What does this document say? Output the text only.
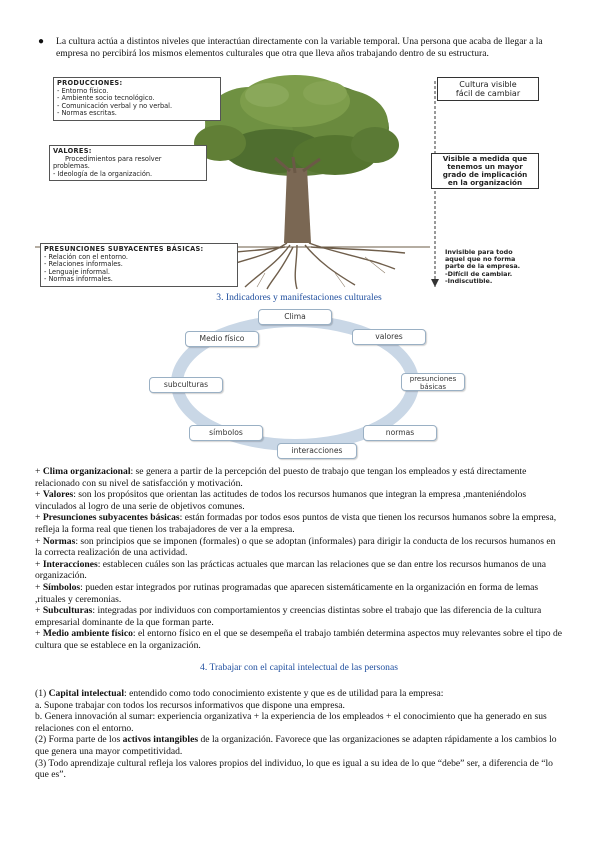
● La cultura actúa a distintos niveles que interactúan directamente con la variable temporal. Una persona que acaba de llegar a la empresa no percibirá los mismos elementos culturales que otra que lleva años trabajando dentro de su estructura.
PRODUCCIONES:
- Entorno físico.
- Ambiente socio tecnológico.
- Comunicación verbal y no verbal.
- Normas escritas.
VALORES:
Procedimientos para resolver
problemas.
- Ideología de la organización.
PRESUNCIONES SUBYACENTES BÁSICAS:
- Relación con el entorno.
- Relaciones informales.
- Lenguaje informal.
- Normas informales.
Cultura visible
fácil de cambiar
Visible a medida que
tenemos un mayor
grado de implicación
en la organización
Invisible para todo
aquel que no forma
parte de la empresa.
-Difícil de cambiar.
-Indiscutible.
3. Indicadores y manifestaciones culturales
Clima
valores
presunciones básicas
normas
interacciones
símbolos
subculturas
Medio físico

+ Clima organizacional: se genera a partir de la percepción del puesto de trabajo que tengan los empleados y está directamente relacionado con su nivel de satisfacción y motivación.

+ Valores: son los propósitos que orientan las actitudes de todos los recursos humanos que integran la empresa ,manteniéndolos vinculados al logro de una serie de objetivos comunes.

+ Presunciones subyacentes básicas: están formadas por todos esos puntos de vista que tienen los recursos humanos sobre la empresa, refleja la forma real que tienen los trabajadores de ver a la empresa.

+ Normas: son principios que se imponen (formales) o que se adoptan (informales) para dirigir la conducta de los recursos humanos en la correcta realización de una actividad.

+ Interacciones: establecen cuáles son las prácticas actuales que marcan las relaciones que se dan entre los recursos humanos de una organización.

+ Símbolos: pueden estar integrados por rutinas programadas que aparecen sistemáticamente en la organización en forma de lemas ,rituales y ceremonias.

+ Subculturas: integradas por individuos con comportamientos y creencias distintas sobre el trabajo que las diferencia de la cultura empresarial dominante de la que forman parte.

+ Medio ambiente físico: el entorno físico en el que se desempeña el trabajo también determina aspectos muy relevantes sobre el tipo de cultura que se establece en la organización.

4. Trabajar con el capital intelectual de las personas

(1) Capital intelectual: entendido como todo conocimiento existente y que es de utilidad para la empresa:

a. Supone trabajar con todos los recursos informativos que dispone una empresa.

b. Genera innovación al sumar: experiencia organizativa + la experiencia de los empleados + el conocimiento que ha generado en sus relaciones con el entorno.

(2) Forma parte de los activos intangibles de la organización. Favorece que las organizaciones se adapten rápidamente a los cambios lo que genera una mayor competitividad.

(3) Todo aprendizaje cultural refleja los valores propios del individuo, lo que es igual a su idea de lo que “debe” ser, a diferencia de “lo que es”.
